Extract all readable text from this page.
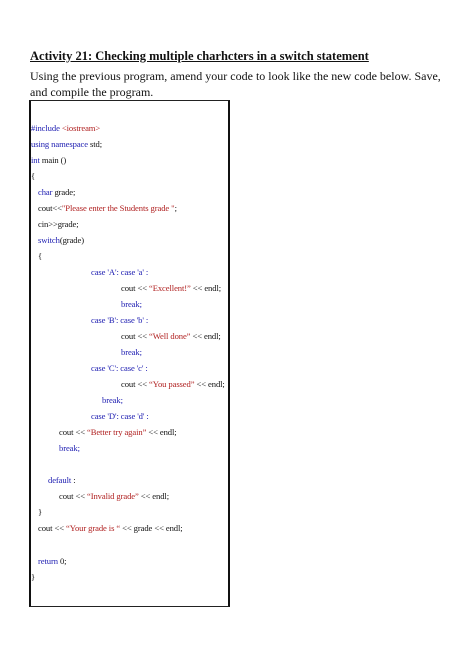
Activity 21: Checking multiple charhcters in a switch statement
Using the previous program, amend your code to look like the new code below. Save, and compile the program.
#include <iostream>
using namespace std;
int main ()
{
char grade;
cout<<"Please enter the Students grade ";
cin>>grade;
switch(grade)
{
case 'A': case 'a' :
cout << “Excellent!” << endl;
break;
case 'B': case 'b' :
cout << “Well done” << endl;
break;
case 'C': case 'c' :
cout << “You passed” << endl;
break;
case 'D': case 'd' :
cout << “Better try again” << endl;
break;
default :
cout << “Invalid grade” << endl;
}
cout << “Your grade is “ << grade << endl;
return 0;
}
